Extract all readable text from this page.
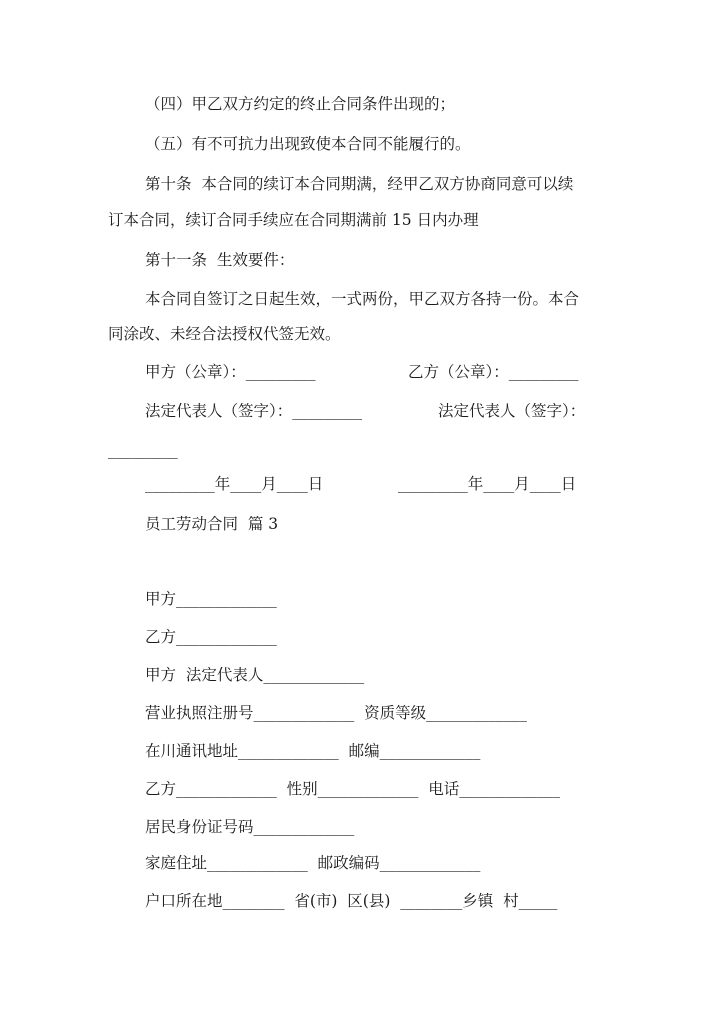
（四）甲乙双方约定的终止合同条件出现的；
（五）有不可抗力出现致使本合同不能履行的。
第十条  本合同的续订本合同期满，经甲乙双方协商同意可以续
订本合同，续订合同手续应在合同期满前 15 日内办理
第十一条  生效要件：
本合同自签订之日起生效，一式两份，甲乙双方各持一份。本合
同涂改、未经合法授权代签无效。
甲方（公章）：_________	乙方（公章）：_________
法定代表人（签字）：_________	法定代表人（签字）：
_________
_________年____月____日	_________年____月____日
员工劳动合同  篇 3
甲方_____________
乙方_____________
甲方  法定代表人_____________
营业执照注册号_____________  资质等级_____________
在川通讯地址_____________  邮编_____________
乙方_____________  性别_____________  电话_____________
居民身份证号码_____________
家庭住址_____________  邮政编码_____________
户口所在地________  省(市)  区(县)  ________乡镇  村_____
